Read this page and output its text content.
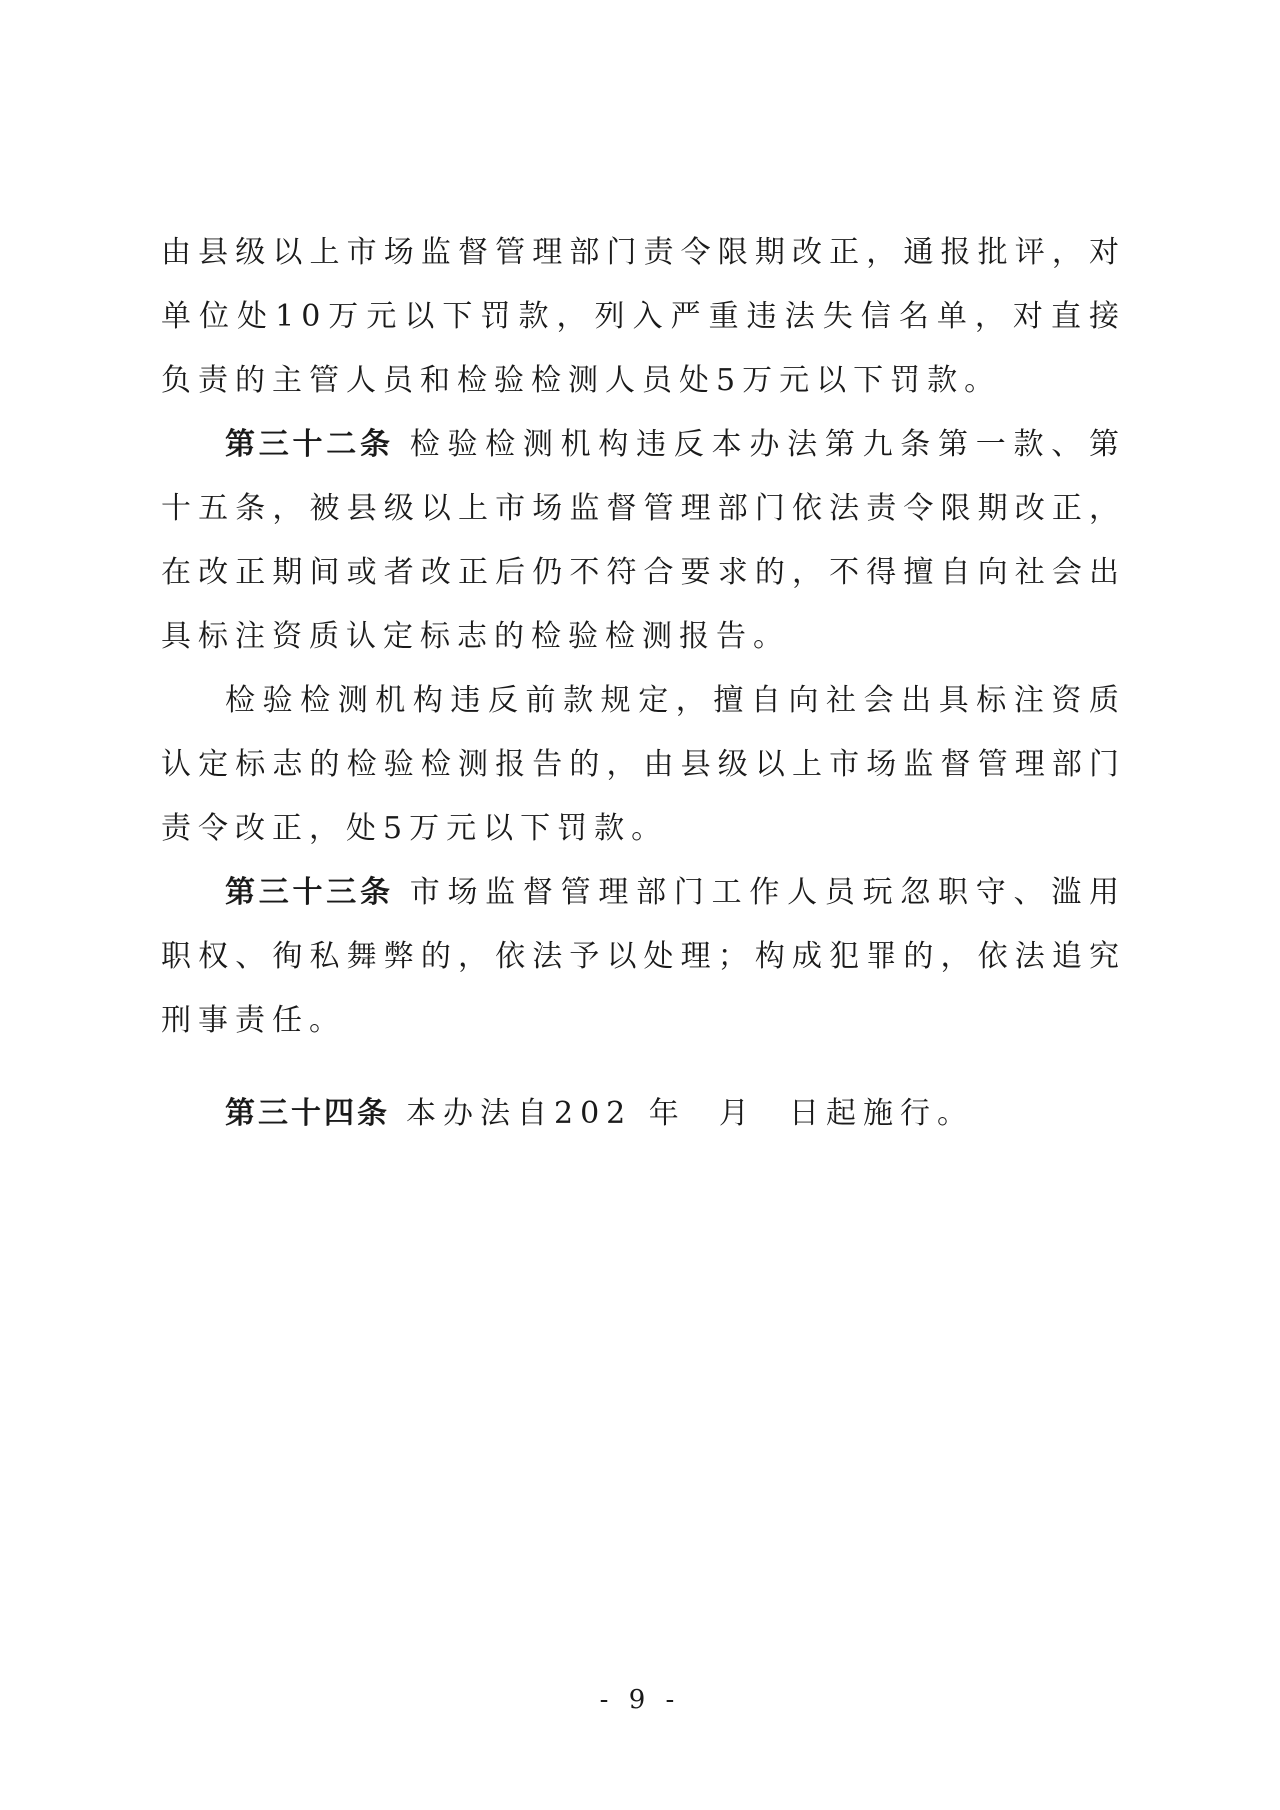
由县级以上市场监督管理部门责令限期改正，通报批评，对单位处10万元以下罚款，列入严重违法失信名单，对直接负责的主管人员和检验检测人员处5万元以下罚款。

第三十二条 检验检测机构违反本办法第九条第一款、第十五条，被县级以上市场监督管理部门依法责令限期改正，在改正期间或者改正后仍不符合要求的，不得擅自向社会出具标注资质认定标志的检验检测报告。

检验检测机构违反前款规定，擅自向社会出具标注资质认定标志的检验检测报告的，由县级以上市场监督管理部门责令改正，处5万元以下罚款。

第三十三条 市场监督管理部门工作人员玩忽职守、滥用职权、徇私舞弊的，依法予以处理；构成犯罪的，依法追究刑事责任。

第三十四条 本办法自202 年  月  日起施行。

- 9 -
